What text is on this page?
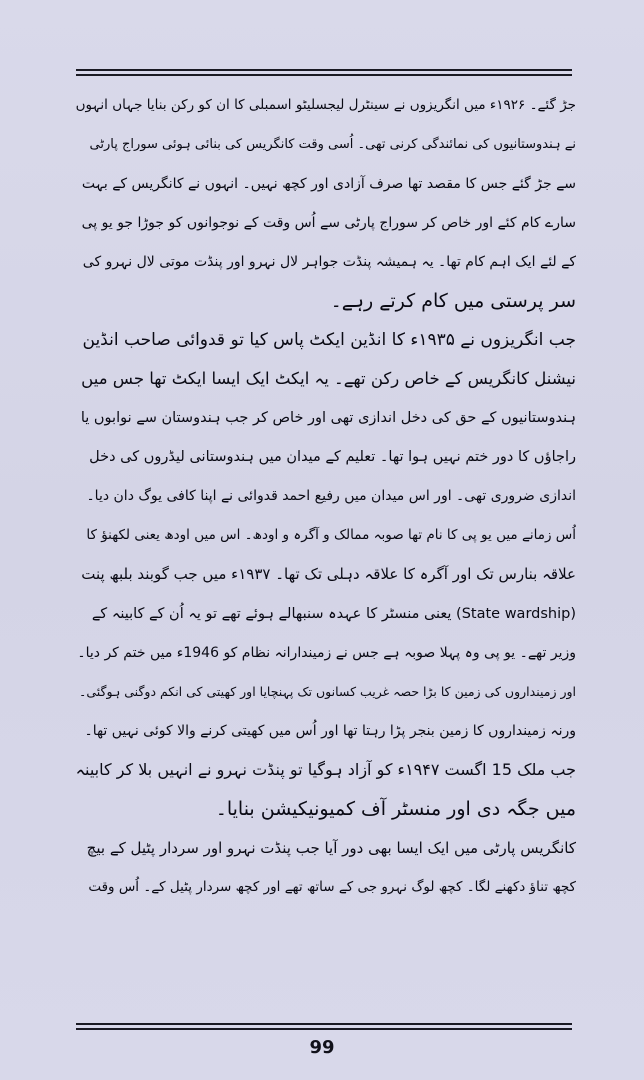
جڑ گئے۔ ۱۹۲۶ء میں انگریزوں نے سینٹرل لیجسلیٹو اسمبلی کا ان کو رکن بنایا جہاں انہوں
نے ہندوستانیوں کی نمائندگی کرنی تھی۔ اُسی وقت کانگریس کی بنائی ہوئی سوراج پارٹی
سے جڑ گئے جس کا مقصد تھا صرف آزادی اور کچھ نہیں۔ انہوں نے کانگریس کے بہت
سارے کام کئے اور خاص کر سوراج پارٹی سے اُس وقت کے نوجوانوں کو جوڑا جو یو پی
کے لئے ایک اہم کام تھا۔ یہ ہمیشہ پنڈت جواہر لال نہرو اور پنڈت موتی لال نہرو کی
سر پرستی میں کام کرتے رہے۔
جب انگریزوں نے ۱۹۳۵ء کا انڈین ایکٹ پاس کیا تو قدوائی صاحب انڈین
نیشنل کانگریس کے خاص رکن تھے۔ یہ ایکٹ ایک ایسا ایکٹ تھا جس میں
ہندوستانیوں کے حق کی دخل اندازی تھی اور خاص کر جب ہندوستان سے نوابوں یا
راجاؤں کا دور ختم نہیں ہوا تھا۔ تعلیم کے میدان میں ہندوستانی لیڈروں کی دخل
اندازی ضروری تھی۔ اور اس میدان میں رفیع احمد قدوائی نے اپنا کافی یوگ دان دیا۔
اُس زمانے میں یو پی کا نام تھا صوبہ ممالک و آگرہ و اودھ۔ اس میں اودھ یعنی لکھنؤ کا
علاقہ بنارس تک اور آگرہ کا علاقہ دہلی تک تھا۔ ۱۹۳۷ء میں جب گوبند بلبھ پنت
(State wardship) یعنی منسٹر کا عہدہ سنبھالے ہوئے تھے تو یہ اُن کے کابینہ کے
وزیر تھے۔ یو پی وہ پہلا صوبہ ہے جس نے زمیندارانہ نظام کو 1946ء میں ختم کر دیا۔
اور زمینداروں کی زمین کا بڑا حصہ غریب کسانوں تک پہنچایا اور کھیتی کی انکم دوگنی ہوگئی۔
ورنہ زمینداروں کا زمین بنجر پڑا رہتا تھا اور اُس میں کھیتی کرنے والا کوئی نہیں تھا۔
جب ملک 15 اگست ۱۹۴۷ء کو آزاد ہوگیا تو پنڈت نہرو نے انہیں بلا کر کابینہ
میں جگہ دی اور منسٹر آف کمیونیکیشن بنایا۔
کانگریس پارٹی میں ایک ایسا بھی دور آیا جب پنڈت نہرو اور سردار پٹیل کے بیچ
کچھ تناؤ دکھنے لگا۔ کچھ لوگ نہرو جی کے ساتھ تھے اور کچھ سردار پٹیل کے۔ اُس وقت
99
